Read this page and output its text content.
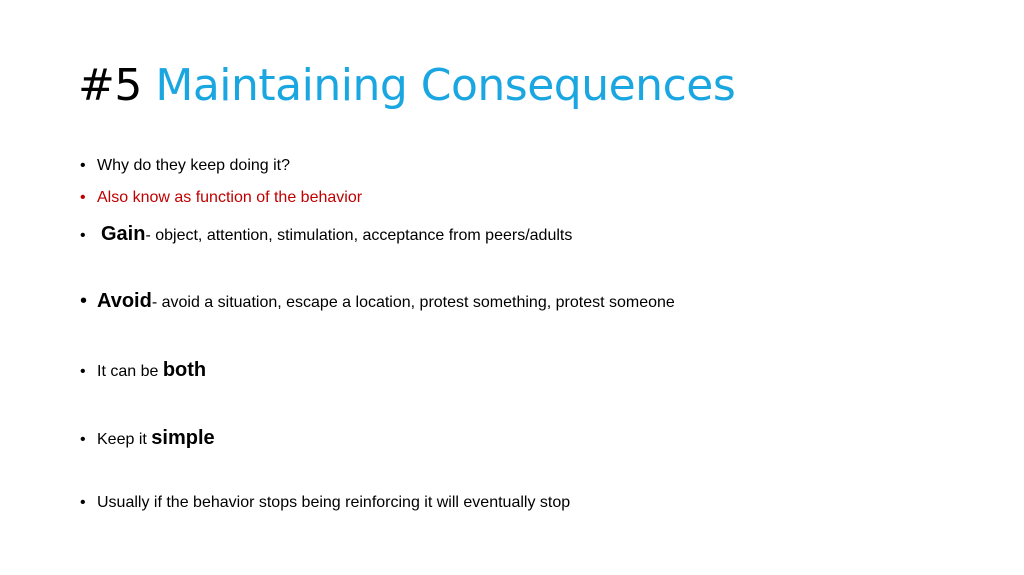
#5 Maintaining Consequences
• Why do they keep doing it?
• Also know as function of the behavior
• Gain- object, attention, stimulation, acceptance from peers/adults
• Avoid- avoid a situation, escape a location, protest something, protest someone
• It can be both
• Keep it simple
• Usually if the behavior stops being reinforcing it will eventually stop
